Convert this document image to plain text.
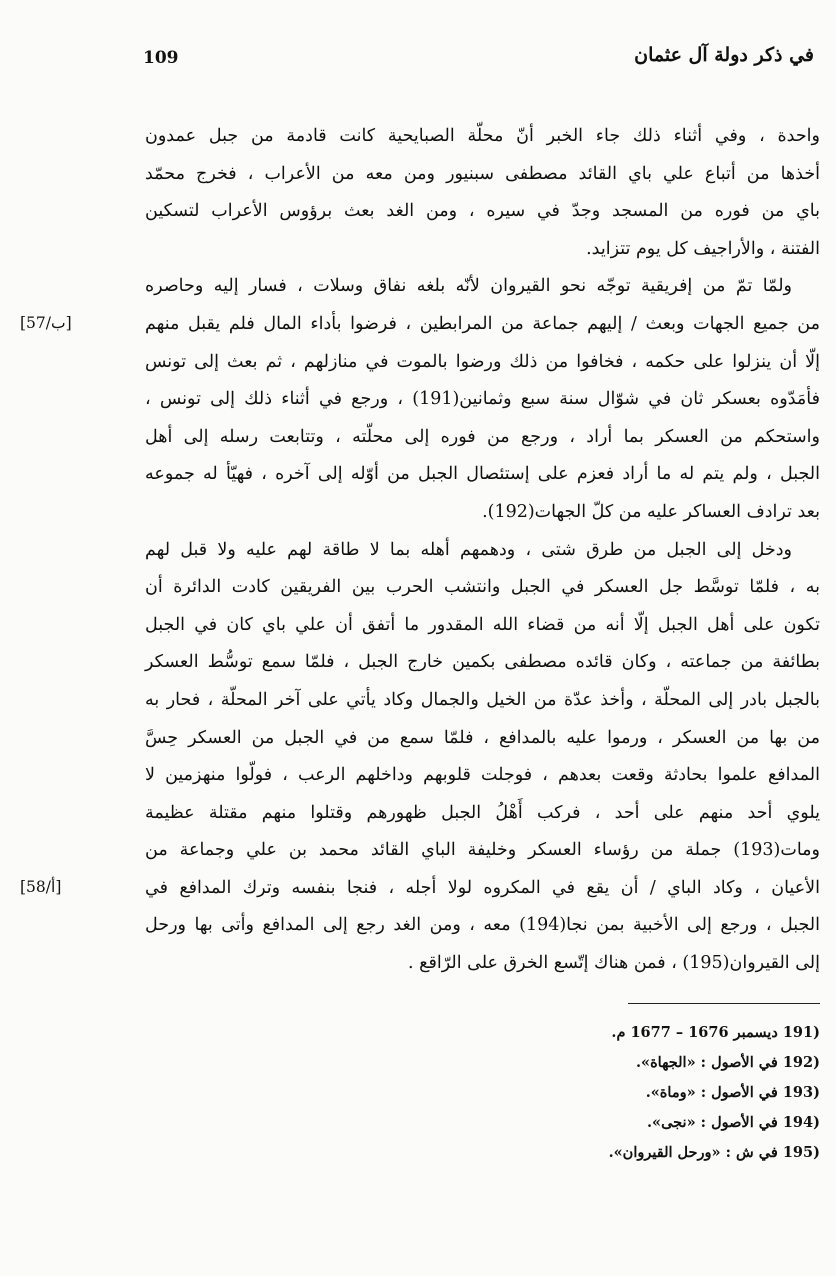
109	في ذكر دولة آل عثمان
واحدة ، وفي أثناء ذلك جاء الخبر أنّ محلّة الصبايحية كانت قادمة من جبل عمدون
أخذها من أتباع علي باي القائد مصطفى سبنيور ومن معه من الأعراب ، فخرج محمّد
باي من فوره من المسجد وجدّ في سيره ، ومن الغد بعث برؤوس الأعراب لتسكين
الفتنة ، والأراجيف كل يوم تتزايد.
ولمّا تمّ من إفريقية توجّه نحو القيروان لأنّه بلغه نفاق وسلات ، فسار إليه وحاصره
من جميع الجهات وبعث / إليهم جماعة من المرابطين ، فرضوا بأداء المال فلم يقبل منهم
إلّا أن ينزلوا على حكمه ، فخافوا من ذلك ورضوا بالموت في منازلهم ، ثم بعث إلى تونس
فأمَدّوه بعسكر ثان في شوّال سنة سبع وثمانين(191) ، ورجع في أثناء ذلك إلى تونس ،
واستحكم من العسكر بما أراد ، ورجع من فوره إلى محلّته ، وتتابعت رسله إلى أهل
الجبل ، ولم يتم له ما أراد فعزم على إستئصال الجبل من أوّله إلى آخره ، فهيّأ له جموعه
بعد ترادف العساكر عليه من كلّ الجهات(192).
ودخل إلى الجبل من طرق شتى ، ودهمهم أهله بما لا طاقة لهم عليه ولا قبل لهم
به ، فلمّا توسَّط جل العسكر في الجبل وانتشب الحرب بين الفريقين كادت الدائرة أن
تكون على أهل الجبل إلّا أنه من قضاء الله المقدور ما أتفق أن علي باي كان في الجبل
بطائفة من جماعته ، وكان قائده مصطفى بكمين خارج الجبل ، فلمّا سمع توسُّط العسكر
بالجبل بادر إلى المحلّة ، وأخذ عدّة من الخيل والجمال وكاد يأتي على آخر المحلّة ، فحار به
من بها من العسكر ، ورموا عليه بالمدافع ، فلمّا سمع من في الجبل من العسكر حِسَّ
المدافع علموا بحادثة وقعت بعدهم ، فوجلت قلوبهم وداخلهم الرعب ، فولّوا منهزمين لا
يلوي أحد منهم على أحد ، فركب أَهْلُ الجبل ظهورهم وقتلوا منهم مقتلة عظيمة
ومات(193) جملة من رؤساء العسكر وخليفة الباي القائد محمد بن علي وجماعة من
الأعيان ، وكاد الباي / أن يقع في المكروه لولا أجله ، فنجا بنفسه وترك المدافع في
الجبل ، ورجع إلى الأخبية بمن نجا(194) معه ، ومن الغد رجع إلى المدافع وأتى بها ورحل
إلى القيروان(195) ، فمن هناك إتّسع الخرق على الرّاقع .
[57/ب]
[58/أ]
(191 ديسمبر 1676 – 1677 م.
(192 في الأصول : «الجهاة».
(193 في الأصول : «وماة».
(194 في الأصول : «نجى».
(195 في ش : «ورحل القيروان».
